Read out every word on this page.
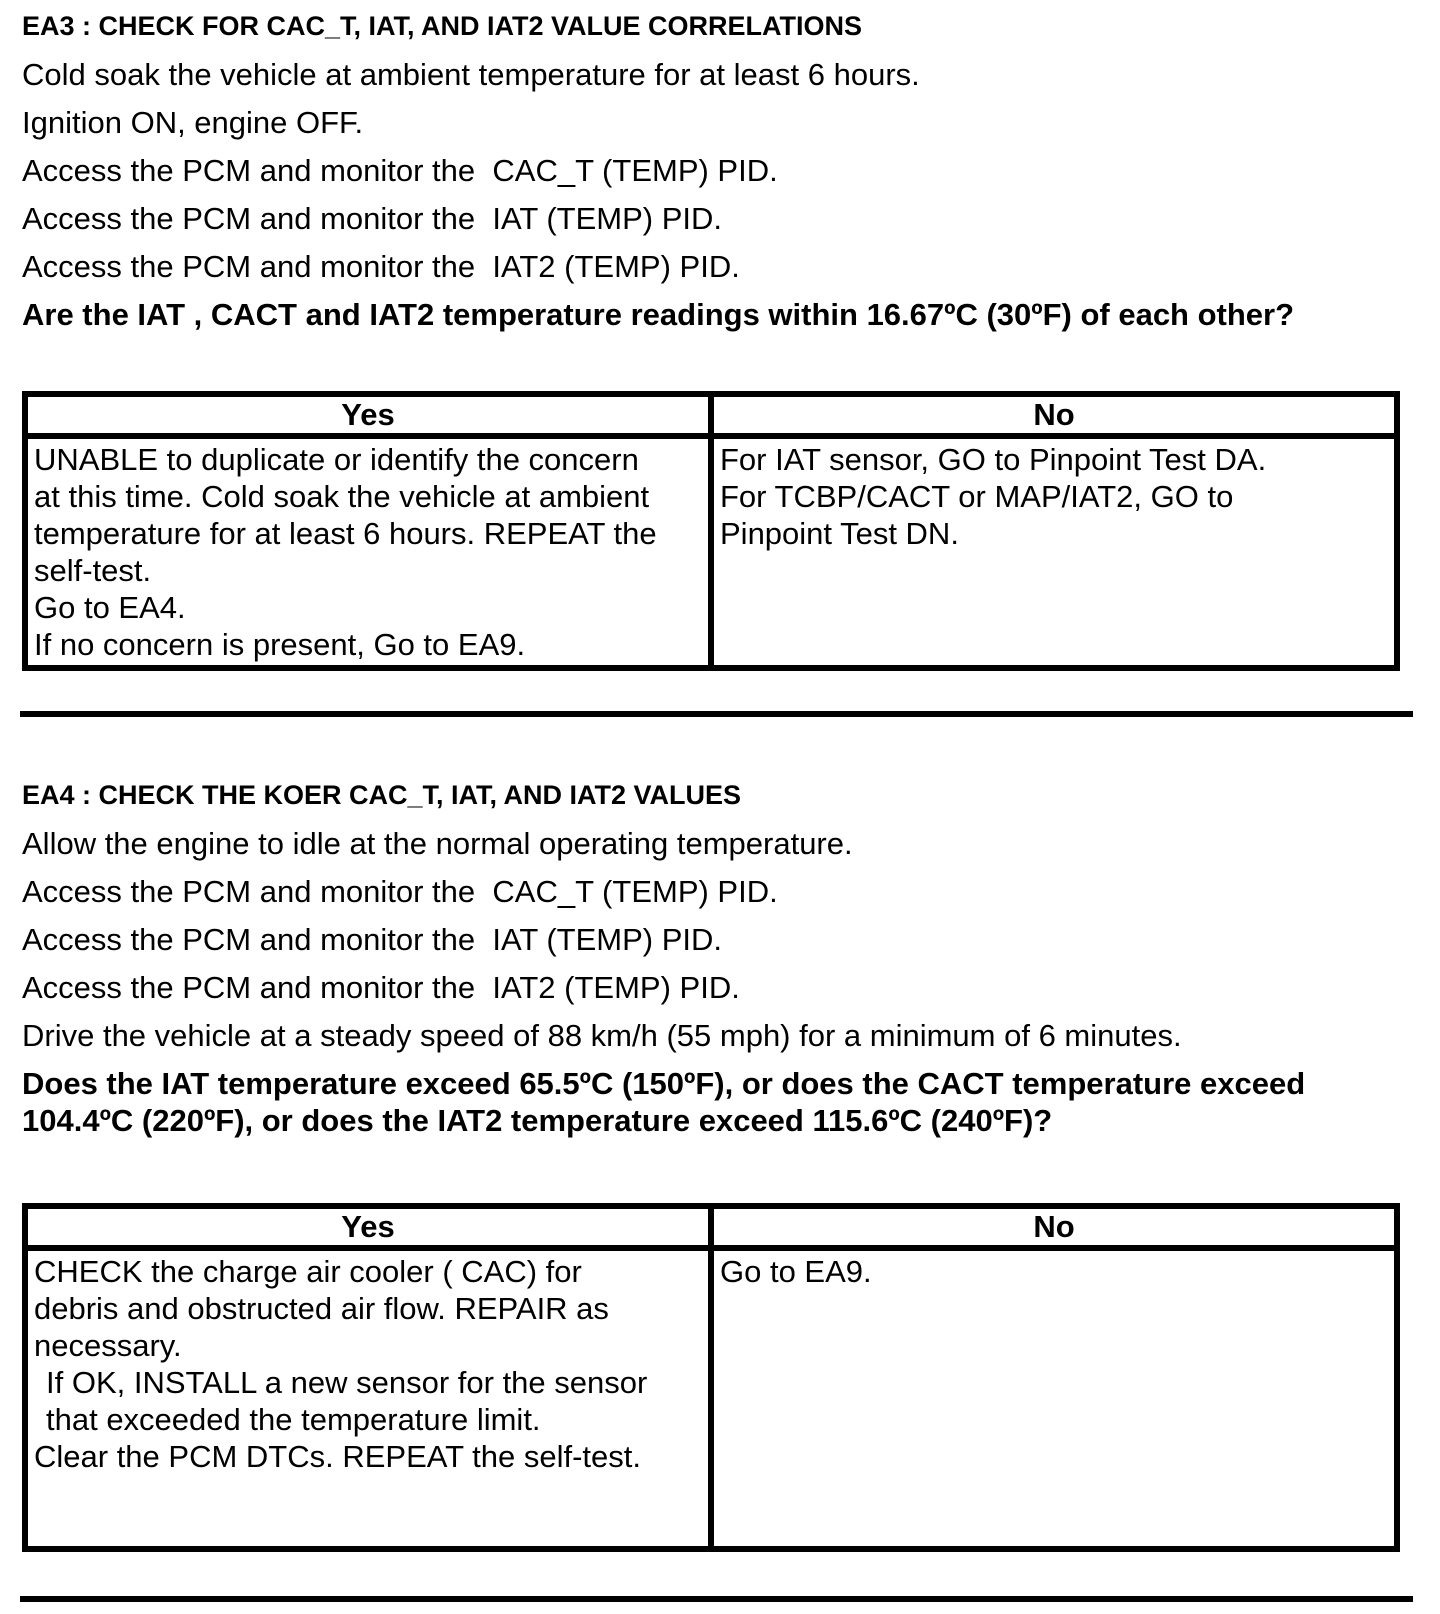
EA3 : CHECK FOR CAC_T, IAT, AND IAT2 VALUE CORRELATIONS
Cold soak the vehicle at ambient temperature for at least 6 hours.
Ignition ON, engine OFF.
Access the PCM and monitor the  CAC_T (TEMP) PID.
Access the PCM and monitor the  IAT (TEMP) PID.
Access the PCM and monitor the  IAT2 (TEMP) PID.
Are the IAT , CACT and IAT2 temperature readings within 16.67ºC (30ºF) of each other?
Yes	No

UNABLE to duplicate or identify the concern
at this time. Cold soak the vehicle at ambient
temperature for at least 6 hours. REPEAT the
self-test.
Go to EA4.
If no concern is present, Go to EA9.

For IAT sensor, GO to Pinpoint Test DA.
For TCBP/CACT or MAP/IAT2, GO to
Pinpoint Test DN.
EA4 : CHECK THE KOER CAC_T, IAT, AND IAT2 VALUES
Allow the engine to idle at the normal operating temperature.
Access the PCM and monitor the  CAC_T (TEMP) PID.
Access the PCM and monitor the  IAT (TEMP) PID.
Access the PCM and monitor the  IAT2 (TEMP) PID.
Drive the vehicle at a steady speed of 88 km/h (55 mph) for a minimum of 6 minutes.
Does the IAT temperature exceed 65.5ºC (150ºF), or does the CACT temperature exceed 104.4ºC (220ºF), or does the IAT2 temperature exceed 115.6ºC (240ºF)?
Yes	No

CHECK the charge air cooler ( CAC) for
debris and obstructed air flow. REPAIR as
necessary.
If OK, INSTALL a new sensor for the sensor
that exceeded the temperature limit.
Clear the PCM DTCs. REPEAT the self-test.

Go to EA9.
